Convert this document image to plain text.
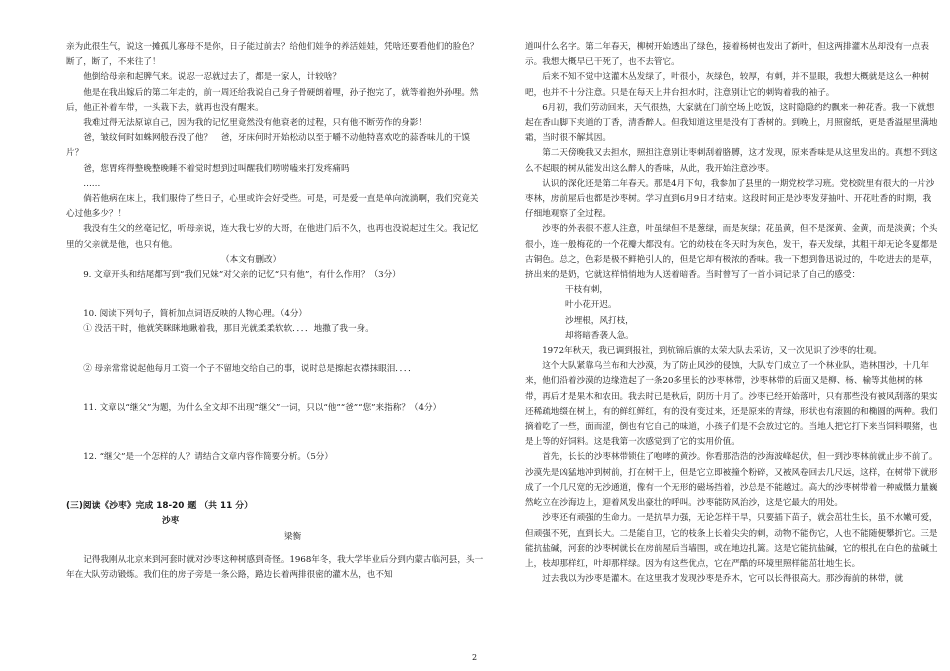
亲为此很生气，说这一摊孤儿寡母不是你，日子能过前去？给他们娃争的养活娃娃，凭啥还要看他们的脸色？断了，断了，不来往了！

他倒给母亲和起脾气来。说忍一忍就过去了，都是一家人，计较啥？

他是在我出嫁后的第二年走的，前一周还给我说自己身子骨硬朗着哩，孙子抱完了，就等着抱外孙哩。然后，他正补着车带，一头栽下去，就再也没有醒来。

我难过得无法原谅自己，因为我的记忆里竟然没有他衰老的过程，只有他不断劳作的身影！

爸，皱纹何时如蛛网般吞没了他？　爸，牙床何时开始松动以至于嚼不动他特喜欢吃的蒜香味儿的干馍片？

爸，您胃疼得整晚整晚睡不着觉时想到过叫醒我们唠唠嗑来打发疼痛吗

……

倘若他病在床上，我们服侍了些日子，心里或许会好受些。可是，可是爱一直是单向流淌啊，我们究竟关心过他多少？！

我没有生父的丝毫记忆，听母亲说，连大我七岁的大哥，在他进门后不久，也再也没说起过生父。我记忆里的父亲就是他，也只有他。

（本文有删改）

9. 文章开头和结尾都写到“我们兄妹”对父亲的记忆“只有他”，有什么作用？（3分）

10. 阅读下列句子，简析加点词语反映的人物心理。（4分）

① 没活干时，他就笑眯眯地瞅着我，那目光就柔柔软软．．．．地撒了我一身。

② 母亲常常说起他每月工资一个子不留地交给自己的事，说时总是擦起衣襟抹眼泪．．．．

11. 文章以“继父”为题，为什么全文却不出现“继父”一词，只以“他”“爸”“您”来指称？（4分）

12. “继父”是一个怎样的人？请结合文章内容作简要分析。（5分）

(三)阅读《沙枣》完成 18-20 题 （共 11 分）

沙枣

梁衡

记得我刚从北京来到河套时就对沙枣这种树感到奇怪。1968年冬，我大学毕业后分到内蒙古临河县，头一年在大队劳动锻炼。我们住的房子旁是一条公路，路边长着两排很密的灌木丛，也不知

道叫什么名字。第二年春天，柳树开始透出了绿色，接着杨树也发出了新叶，但这两排灌木丛却没有一点表示。我想大概早已干死了，也不去管它。

后来不知不觉中这灌木丛发绿了，叶很小，灰绿色，较厚，有刺，并不显眼，我想大概就是这么一种树吧，也并不十分注意。只是在每天上井台担水时，注意别让它的刺钩着我的袖子。

6月初，我们劳动回来，天气很热，大家就在门前空场上吃饭，这时隐隐约约飘来一种花香。我一下就想起在香山脚下夹道的丁香，清香醉人。但我知道这里是没有丁香树的。到晚上，月照窗纸，更是香溢屋里满地霜，当时很不解其因。

第二天傍晚我又去担水，照担注意别让枣刺刮着胳膊，这才发现，原来香味是从这里发出的。真想不到这么不起眼的树从能发出这么醉人的香味，从此，我开始注意沙枣。

认识的深化还是第二年春天。那是4月下旬，我参加了县里的一期党校学习班。党校院里有很大的一片沙枣林，房前屋后也都是沙枣树。学习直到6月9日才结束。这段时间正是沙枣发芽抽叶、开花吐香的时期，我仔细地观察了全过程。

沙枣的外表很不惹人注意，叶虽绿但不是葱绿，而是灰绿；花虽黄，但不是深黄、金黄，而是淡黄；个头很小，连一般梅花的一个花瓣大都没有。它的幼枝在冬天时为灰色，发干，春天发绿，其粗干却无论冬夏都是古铜色。总之，色彩是极不鲜艳引人的，但是它却有极浓的香味。我一下想到鲁迅说过的，牛吃进去的是草，挤出来的是奶，它就这样悄悄地为人送着暗香。当时曾写了一首小词记录了自己的感受：

干枝有刺，

叶小花开迟。

沙埋根，风打枝，

却将暗香袭人急。

1972年秋天，我已调到报社，到杭锦后旗的太荣大队去采访，又一次见识了沙枣的壮观。

这个大队紧靠乌兰布和大沙漠，为了防止风沙的侵蚀，大队专门成立了一个林业队，造林围沙，十几年来，他们沿着沙漠的边缘造起了一条20多里长的沙枣林带，沙枣林带的后面又是柳、杨、榆等其他树的林带，再后才是果木和农田。我去时已是秋后，阴历十月了。沙枣已经开始落叶，只有那些没有被风刮落的果实还稀疏地缀在树上，有的鲜红鲜红，有的没有变过来，还是原来的青绿，形状也有滚圆的和椭圆的两种。我们摘着吃了一些，面而涩，倒也有它自己的味道，小孩子们是不会放过它的。当地人把它打下来当饲料喂猪，也是上等的好饲料。这是我第一次感觉到了它的实用价值。

首先，长长的沙枣林带锁住了咆哮的黄沙。你看那浩浩的沙海波峰起伏，但一到沙枣林前就止步不前了。沙漠先是凶猛地冲到树前，打在树干上，但是它立即被撞个粉碎，又被风卷回去几尺远，这样，在树带下就形成了一个几尺宽的无沙通道，像有一个无形的磁场挡着，沙总是不能越过。高大的沙枣树带着一种威慑力量巍然屹立在沙海边上，迎着风发出豪壮的呼叫。沙枣能防风治沙，这是它最大的用处。

沙枣还有顽强的生命力。一是抗旱力强，无论怎样干旱，只要插下苗子，就会茁壮生长，虽不水嫩可爱，但顽强不死，直到长大。二是能自卫，它的枝条上长着尖尖的刺，动物不能伤它，人也不能随便攀折它。三是能抗盐碱，河套的沙枣树就长在房前屋后当墙围，或在地边扎篱。这是它能抗盐碱，它的根扎在白色的盐碱土上，枝却那样红，叶却那样绿。因为有这些优点，它在严酷的环境里照样能茁壮地生长。

过去我以为沙枣是灌木。在这里我才发现沙枣是乔木，它可以长得很高大。那沙海前的林带，就

2
